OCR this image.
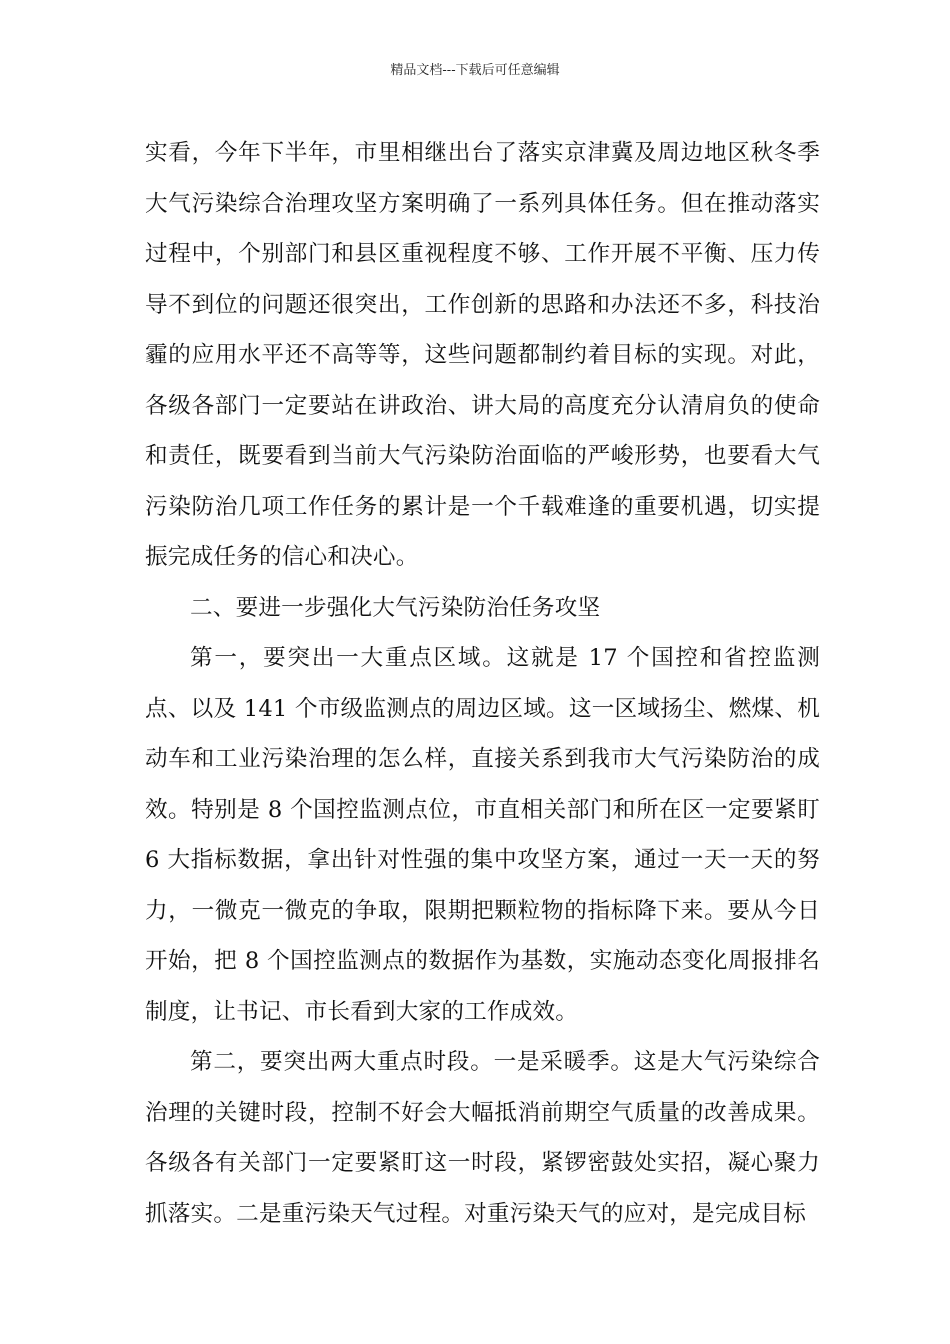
精品文档---下载后可任意编辑

实看，今年下半年，市里相继出台了落实京津冀及周边地区秋冬季大气污染综合治理攻坚方案明确了一系列具体任务。但在推动落实过程中，个别部门和县区重视程度不够、工作开展不平衡、压力传导不到位的问题还很突出，工作创新的思路和办法还不多，科技治霾的应用水平还不高等等，这些问题都制约着目标的实现。对此，各级各部门一定要站在讲政治、讲大局的高度充分认清肩负的使命和责任，既要看到当前大气污染防治面临的严峻形势，也要看大气污染防治几项工作任务的累计是一个千载难逢的重要机遇，切实提振完成任务的信心和决心。

二、要进一步强化大气污染防治任务攻坚

第一，要突出一大重点区域。这就是 17 个国控和省控监测点、以及 141 个市级监测点的周边区域。这一区域扬尘、燃煤、机动车和工业污染治理的怎么样，直接关系到我市大气污染防治的成效。特别是 8 个国控监测点位，市直相关部门和所在区一定要紧盯 6 大指标数据，拿出针对性强的集中攻坚方案，通过一天一天的努力，一微克一微克的争取，限期把颗粒物的指标降下来。要从今日开始，把 8 个国控监测点的数据作为基数，实施动态变化周报排名制度，让书记、市长看到大家的工作成效。

第二，要突出两大重点时段。一是采暖季。这是大气污染综合治理的关键时段，控制不好会大幅抵消前期空气质量的改善成果。各级各有关部门一定要紧盯这一时段，紧锣密鼓处实招，凝心聚力抓落实。二是重污染天气过程。对重污染天气的应对，是完成目标
